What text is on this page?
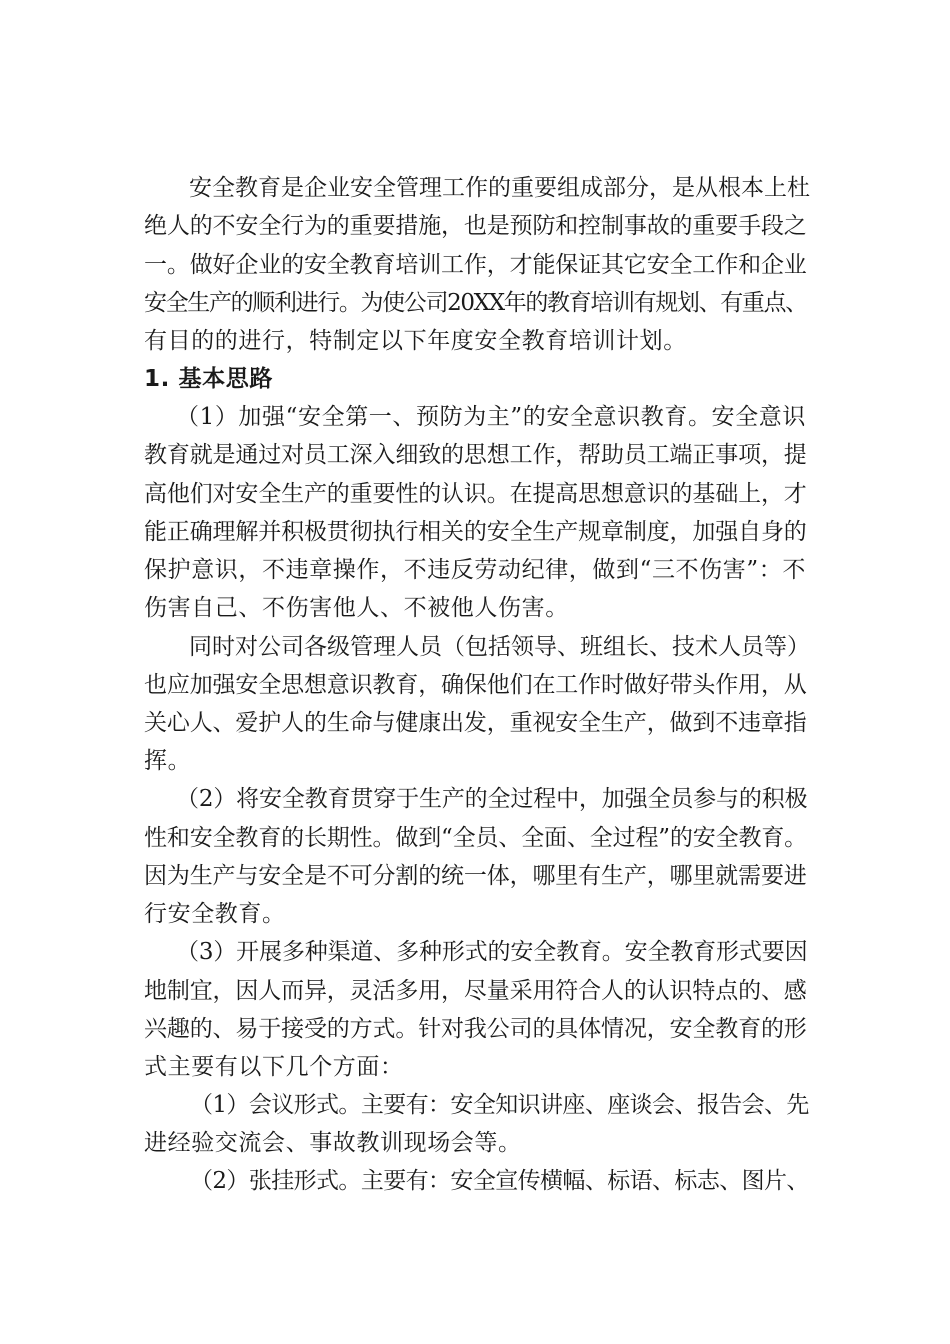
安全教育是企业安全管理工作的重要组成部分，是从根本上杜
绝人的不安全行为的重要措施，也是预防和控制事故的重要手段之
一。做好企业的安全教育培训工作，才能保证其它安全工作和企业
安全生产的顺利进行。为使公司20XX年的教育培训有规划、有重点、
有目的的进行，特制定以下年度安全教育培训计划。
1. 基本思路
（1）加强“安全第一、预防为主”的安全意识教育。安全意识
教育就是通过对员工深入细致的思想工作，帮助员工端正事项，提
高他们对安全生产的重要性的认识。在提高思想意识的基础上，才
能正确理解并积极贯彻执行相关的安全生产规章制度，加强自身的
保护意识，不违章操作，不违反劳动纪律，做到“三不伤害”：不
伤害自己、不伤害他人、不被他人伤害。
同时对公司各级管理人员（包括领导、班组长、技术人员等）
也应加强安全思想意识教育，确保他们在工作时做好带头作用，从
关心人、爱护人的生命与健康出发，重视安全生产，做到不违章指
挥。
（2）将安全教育贯穿于生产的全过程中，加强全员参与的积极
性和安全教育的长期性。做到“全员、全面、全过程”的安全教育。
因为生产与安全是不可分割的统一体，哪里有生产，哪里就需要进
行安全教育。
（3）开展多种渠道、多种形式的安全教育。安全教育形式要因
地制宜，因人而异，灵活多用，尽量采用符合人的认识特点的、感
兴趣的、易于接受的方式。针对我公司的具体情况，安全教育的形
式主要有以下几个方面：
（1）会议形式。主要有：安全知识讲座、座谈会、报告会、先
进经验交流会、事故教训现场会等。
（2）张挂形式。主要有：安全宣传横幅、标语、标志、图片、
